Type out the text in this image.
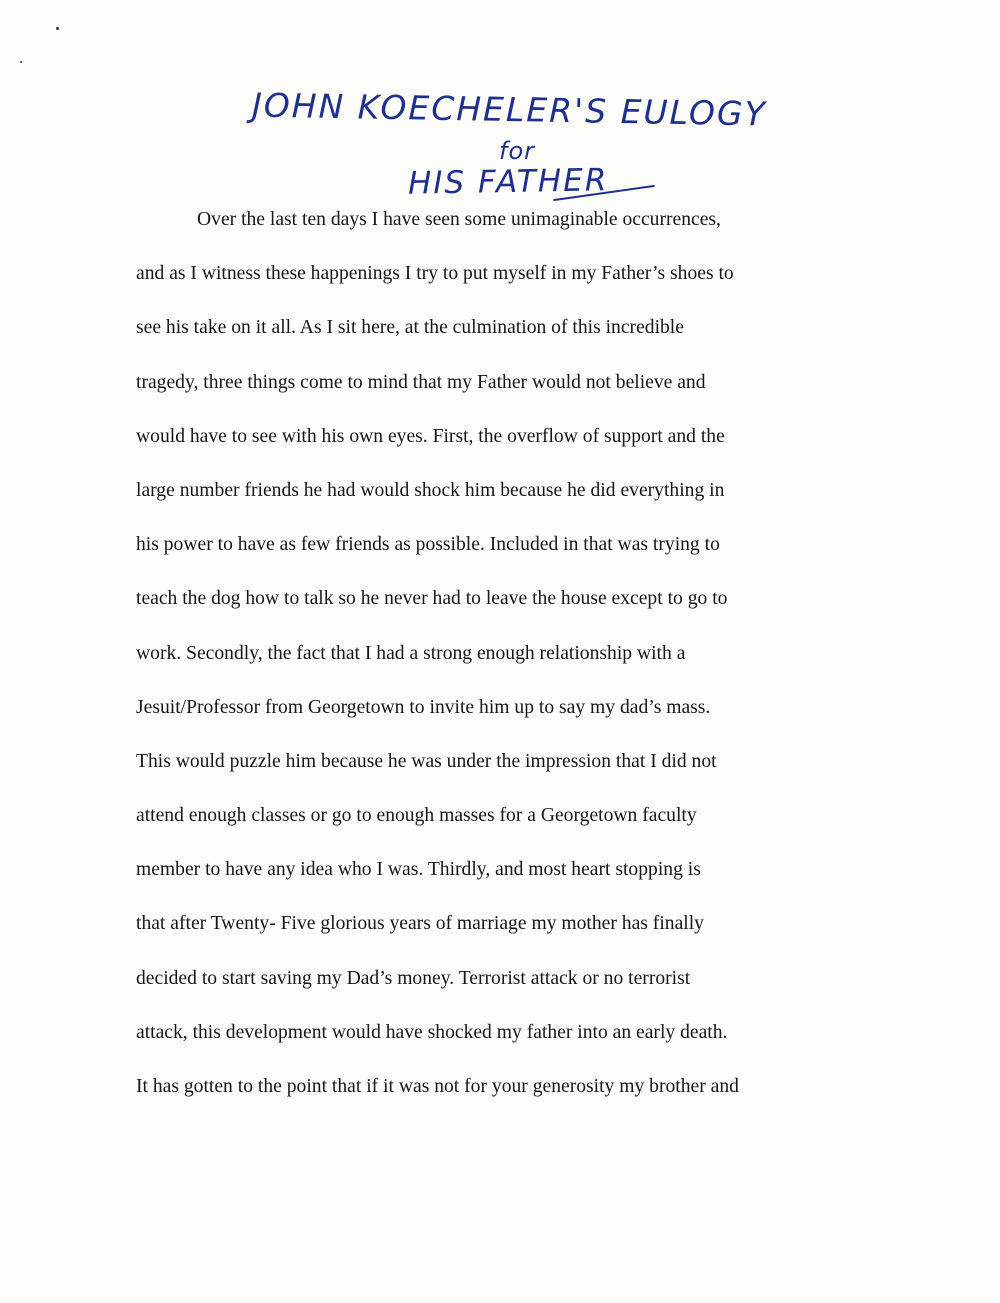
JOHN KOECHELER'S EULOGY
for
HIS FATHER
Over the last ten days I have seen some unimaginable occurrences,
and as I witness these happenings I try to put myself in my Father’s shoes to
see his take on it all. As I sit here, at the culmination of this incredible
tragedy, three things come to mind that my Father would not believe and
would have to see with his own eyes. First, the overflow of support and the
large number friends he had would shock him because he did everything in
his power to have as few friends as possible. Included in that was trying to
teach the dog how to talk so he never had to leave the house except to go to
work. Secondly, the fact that I had a strong enough relationship with a
Jesuit/Professor from Georgetown to invite him up to say my dad’s mass.
This would puzzle him because he was under the impression that I did not
attend enough classes or go to enough masses for a Georgetown faculty
member to have any idea who I was. Thirdly, and most heart stopping is
that after Twenty- Five glorious years of marriage my mother has finally
decided to start saving my Dad’s money. Terrorist attack or no terrorist
attack, this development would have shocked my father into an early death.
It has gotten to the point that if it was not for your generosity my brother and
